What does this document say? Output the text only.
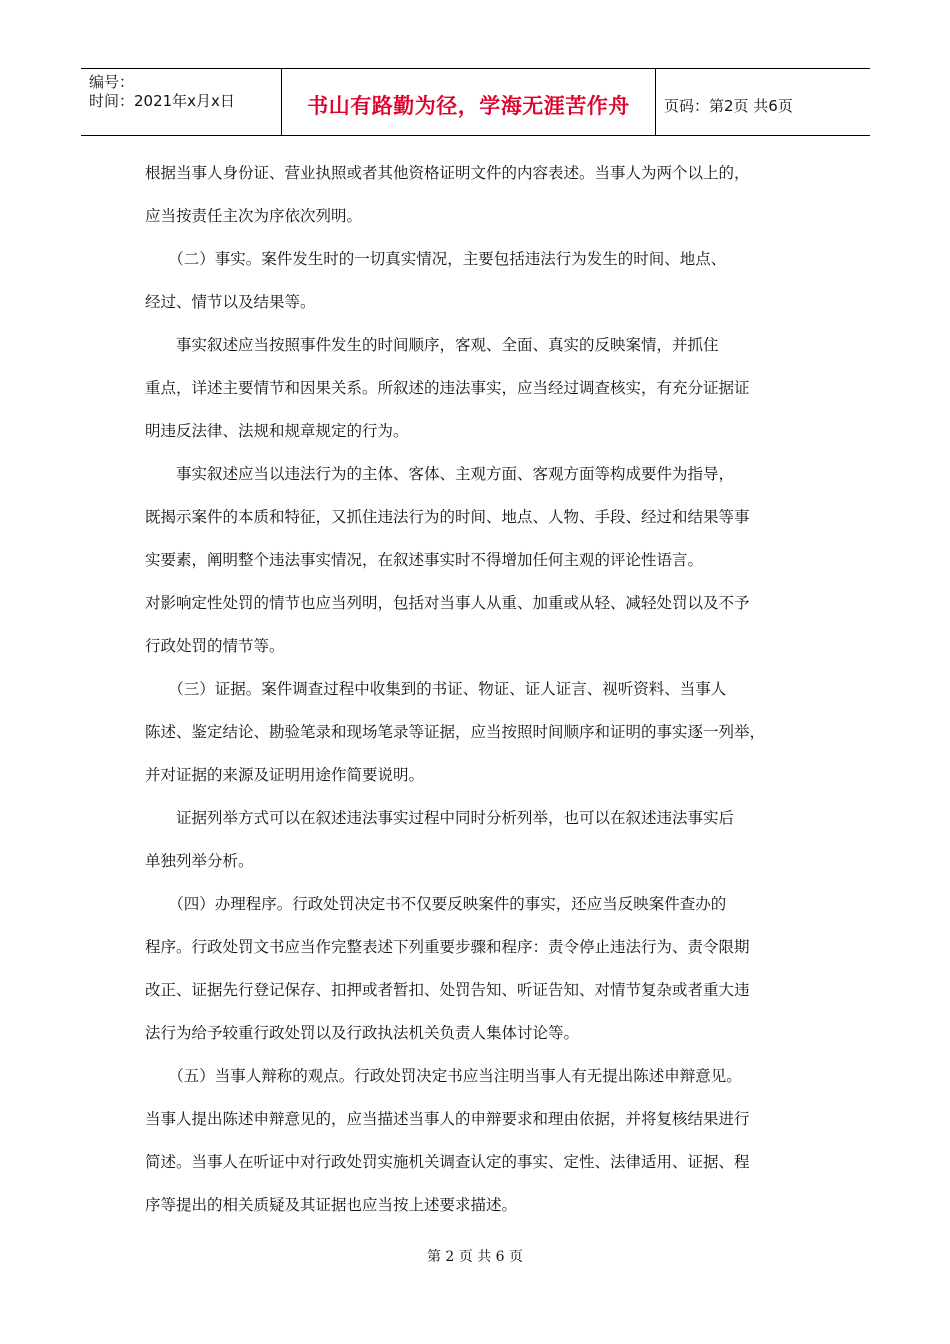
编号：
时间：2021年x月x日	书山有路勤为径，学海无涯苦作舟 页码：第2页 共6页
根据当事人身份证、营业执照或者其他资格证明文件的内容表述。当事人为两个以上的，
应当按责任主次为序依次列明。
　　（二）事实。案件发生时的一切真实情况，主要包括违法行为发生的时间、地点、
经过、情节以及结果等。
　　事实叙述应当按照事件发生的时间顺序，客观、全面、真实的反映案情，并抓住
重点，详述主要情节和因果关系。所叙述的违法事实，应当经过调查核实，有充分证据证
明违反法律、法规和规章规定的行为。
　　事实叙述应当以违法行为的主体、客体、主观方面、客观方面等构成要件为指导，
既揭示案件的本质和特征，又抓住违法行为的时间、地点、人物、手段、经过和结果等事
实要素，阐明整个违法事实情况，在叙述事实时不得增加任何主观的评论性语言。
对影响定性处罚的情节也应当列明，包括对当事人从重、加重或从轻、减轻处罚以及不予
行政处罚的情节等。
　　（三）证据。案件调查过程中收集到的书证、物证、证人证言、视听资料、当事人
陈述、鉴定结论、勘验笔录和现场笔录等证据，应当按照时间顺序和证明的事实逐一列举，
并对证据的来源及证明用途作简要说明。
　　证据列举方式可以在叙述违法事实过程中同时分析列举，也可以在叙述违法事实后
单独列举分析。
　　（四）办理程序。行政处罚决定书不仅要反映案件的事实，还应当反映案件查办的
程序。行政处罚文书应当作完整表述下列重要步骤和程序：责令停止违法行为、责令限期
改正、证据先行登记保存、扣押或者暂扣、处罚告知、听证告知、对情节复杂或者重大违
法行为给予较重行政处罚以及行政执法机关负责人集体讨论等。
　　（五）当事人辩称的观点。行政处罚决定书应当注明当事人有无提出陈述申辩意见。
当事人提出陈述申辩意见的，应当描述当事人的申辩要求和理由依据，并将复核结果进行
简述。当事人在听证中对行政处罚实施机关调查认定的事实、定性、法律适用、证据、程
序等提出的相关质疑及其证据也应当按上述要求描述。
第 2 页 共 6 页
